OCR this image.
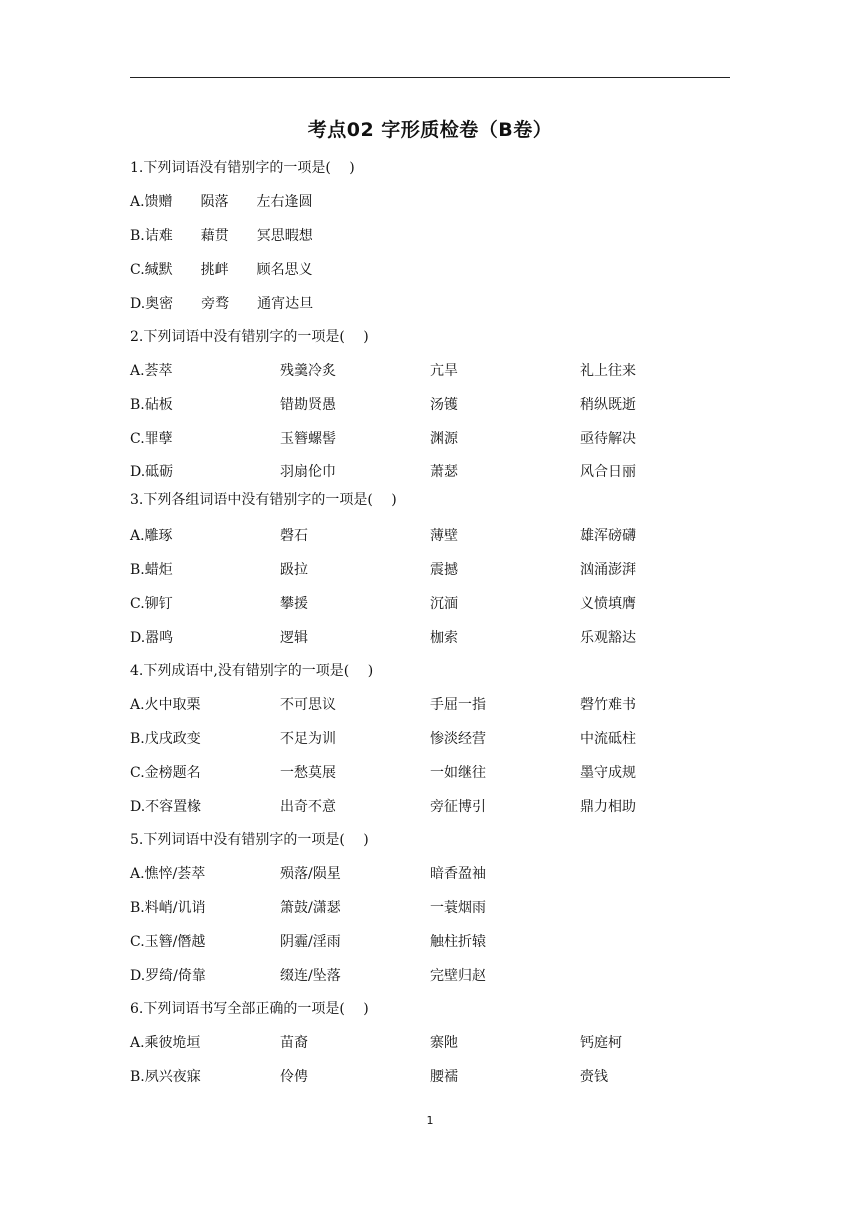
考点02 字形质检卷（B卷）
1.下列词语没有错别字的一项是(　 )
A.馈赠　　陨落　　左右逢圆
B.诘难　　藉贯　　冥思暇想
C.缄默　　挑衅　　顾名思义
D.奥密　　旁骛　　通宵达旦
2.下列词语中没有错别字的一项是(　 )
A.荟萃	残羹冷炙	亢旱	礼上往来
B.砧板	错勘贤愚	汤镬	稍纵既逝
C.罪孽	玉簪螺髻	渊源	亟待解决
D.砥砺	羽扇伦巾	萧瑟	风合日丽
3.下列各组词语中没有错别字的一项是(　 )
A.雕琢	磬石	薄壁	雄浑磅礴
B.蜡炬	趿拉	震撼	汹涌澎湃
C.铆钉	攀援	沉湎	义愤填膺
D.嚣鸣	逻辑	枷索	乐观豁达
4.下列成语中,没有错别字的一项是(　 )
A.火中取栗	不可思议	手屈一指	磬竹难书
B.戊戌政变	不足为训	惨淡经营	中流砥柱
C.金榜题名	一愁莫展	一如继往	墨守成规
D.不容置椽	出奇不意	旁征博引	鼎力相助
5.下列词语中没有错别字的一项是(　 )
A.憔悴/荟萃	殒落/陨星	暗香盈袖
B.料峭/讥诮	箫鼓/潇瑟	一蓑烟雨
C.玉簪/僭越	阴霾/淫雨	触柱折辕
D.罗绮/倚靠	缀连/坠落	完壁归赵
6.下列词语书写全部正确的一项是(　 )
A.乘彼垝垣	苗裔	寨阤	钙庭柯
B.夙兴夜寐	伶俜	腰襦	赍钱
1
